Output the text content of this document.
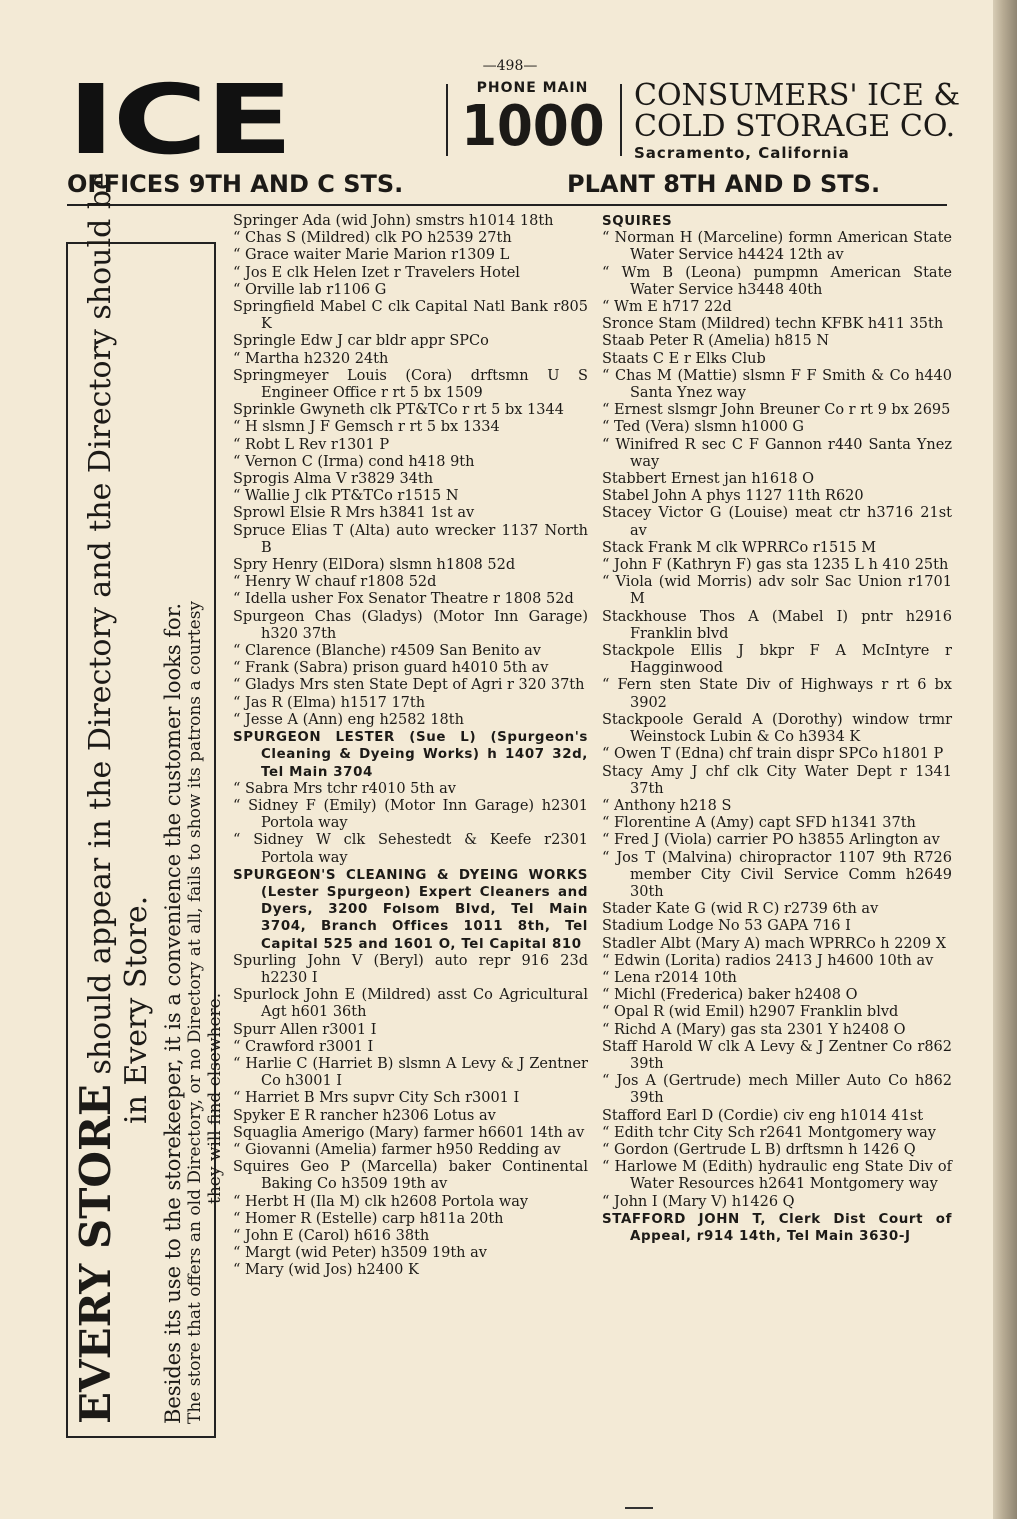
—498—
ICE	PHONE MAIN
1000 CONSUMERS' ICE &
COLD STORAGE CO.
Sacramento, California
OFFICES 9TH AND C STS.	PLANT 8TH AND D STS.
EVERY STORE should appear in the Directory and the Directory should be in Every Store. Besides its use to the storekeeper, it is a convenience the customer looks for. The store that offers an old Directory, or no Directory at all, fails to show its patrons a courtesy they will find elsewhere.
Springer Ada (wid John) smstrs h1014 18th
“ Chas S (Mildred) clk PO h2539 27th
“ Grace waiter Marie Marion r1309 L
“ Jos E clk Helen Izet r Travelers Hotel
“ Orville lab r1106 G
Springfield Mabel C clk Capital Natl Bank r805 K
Springle Edw J car bldr appr SPCo
“ Martha h2320 24th
Springmeyer Louis (Cora) drftsmn U S Engineer Office r rt 5 bx 1509
Sprinkle Gwyneth clk PT&TCo r rt 5 bx 1344
“ H slsmn J F Gemsch r rt 5 bx 1334
“ Robt L Rev r1301 P
“ Vernon C (Irma) cond h418 9th
Sprogis Alma V r3829 34th
“ Wallie J clk PT&TCo r1515 N
Sprowl Elsie R Mrs h3841 1st av
Spruce Elias T (Alta) auto wrecker 1137 North B
Spry Henry (ElDora) slsmn h1808 52d
“ Henry W chauf r1808 52d
“ Idella usher Fox Senator Theatre r 1808 52d
Spurgeon Chas (Gladys) (Motor Inn Garage) h320 37th
“ Clarence (Blanche) r4509 San Benito av
“ Frank (Sabra) prison guard h4010 5th av
“ Gladys Mrs sten State Dept of Agri r 320 37th
“ Jas R (Elma) h1517 17th
“ Jesse A (Ann) eng h2582 18th
SPURGEON LESTER (Sue L) (Spurgeon's Cleaning & Dyeing Works) h 1407 32d, Tel Main 3704
“ Sabra Mrs tchr r4010 5th av
“ Sidney F (Emily) (Motor Inn Garage) h2301 Portola way
“ Sidney W clk Sehestedt & Keefe r2301 Portola way
SPURGEON'S CLEANING & DYEING WORKS (Lester Spurgeon) Expert Cleaners and Dyers, 3200 Folsom Blvd, Tel Main 3704, Branch Offices 1011 8th, Tel Capital 525 and 1601 O, Tel Capital 810
Spurling John V (Beryl) auto repr 916 23d h2230 I
Spurlock John E (Mildred) asst Co Agricultural Agt h601 36th
Spurr Allen r3001 I
“ Crawford r3001 I
“ Harlie C (Harriet B) slsmn A Levy & J Zentner Co h3001 I
“ Harriet B Mrs supvr City Sch r3001 I
Spyker E R rancher h2306 Lotus av
Squaglia Amerigo (Mary) farmer h6601 14th av
“ Giovanni (Amelia) farmer h950 Redding av
Squires Geo P (Marcella) baker Continental Baking Co h3509 19th av
“ Herbt H (Ila M) clk h2608 Portola way
“ Homer R (Estelle) carp h811a 20th
“ John E (Carol) h616 38th
“ Margt (wid Peter) h3509 19th av
“ Mary (wid Jos) h2400 K
SQUIRES
“ Norman H (Marceline) formn American State Water Service h4424 12th av
“ Wm B (Leona) pumpmn American State Water Service h3448 40th
“ Wm E h717 22d
Sronce Stam (Mildred) techn KFBK h411 35th
Staab Peter R (Amelia) h815 N
Staats C E r Elks Club
“ Chas M (Mattie) slsmn F F Smith & Co h440 Santa Ynez way
“ Ernest slsmgr John Breuner Co r rt 9 bx 2695
“ Ted (Vera) slsmn h1000 G
“ Winifred R sec C F Gannon r440 Santa Ynez way
Stabbert Ernest jan h1618 O
Stabel John A phys 1127 11th R620
Stacey Victor G (Louise) meat ctr h3716 21st av
Stack Frank M clk WPRRCo r1515 M
“ John F (Kathryn F) gas sta 1235 L h 410 25th
“ Viola (wid Morris) adv solr Sac Union r1701 M
Stackhouse Thos A (Mabel I) pntr h2916 Franklin blvd
Stackpole Ellis J bkpr F A McIntyre r Hagginwood
“ Fern sten State Div of Highways r rt 6 bx 3902
Stackpoole Gerald A (Dorothy) window trmr Weinstock Lubin & Co h3934 K
“ Owen T (Edna) chf train dispr SPCo h1801 P
Stacy Amy J chf clk City Water Dept r 1341 37th
“ Anthony h218 S
“ Florentine A (Amy) capt SFD h1341 37th
“ Fred J (Viola) carrier PO h3855 Arlington av
“ Jos T (Malvina) chiropractor 1107 9th R726 member City Civil Service Comm h2649 30th
Stader Kate G (wid R C) r2739 6th av
Stadium Lodge No 53 GAPA 716 I
Stadler Albt (Mary A) mach WPRRCo h 2209 X
“ Edwin (Lorita) radios 2413 J h4600 10th av
“ Lena r2014 10th
“ Michl (Frederica) baker h2408 O
“ Opal R (wid Emil) h2907 Franklin blvd
“ Richd A (Mary) gas sta 2301 Y h2408 O
Staff Harold W clk A Levy & J Zentner Co r862 39th
“ Jos A (Gertrude) mech Miller Auto Co h862 39th
Stafford Earl D (Cordie) civ eng h1014 41st
“ Edith tchr City Sch r2641 Montgomery way
“ Gordon (Gertrude L B) drftsmn h 1426 Q
“ Harlowe M (Edith) hydraulic eng State Div of Water Resources h2641 Montgomery way
“ John I (Mary V) h1426 Q
STAFFORD JOHN T, Clerk Dist Court of Appeal, r914 14th, Tel Main 3630-J
